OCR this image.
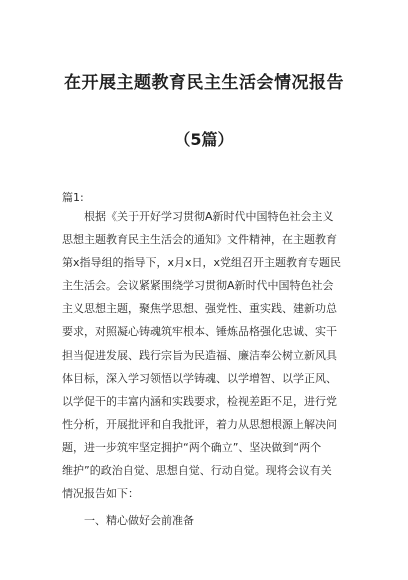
在开展主题教育民主生活会情况报告
（5篇）
篇1:
　　根据《关于开好学习贯彻A新时代中国特色社会主义
思想主题教育民主生活会的通知》文件精神，在主题教育
第x指导组的指导下，x月x日，x党组召开主题教育专题民
主生活会。会议紧紧围绕学习贯彻A新时代中国特色社会
主义思想主题，聚焦学思想、强党性、重实践、建新功总
要求，对照凝心铸魂筑牢根本、锤炼品格强化忠诚、实干
担当促进发展、践行宗旨为民造福、廉洁奉公树立新风具
体目标，深入学习领悟以学铸魂、以学增智、以学正风、
以学促干的丰富内涵和实践要求，检视差距不足，进行党
性分析，开展批评和自我批评，着力从思想根源上解决问
题，进一步筑牢坚定拥护“两个确立”、坚决做到“两个
维护”的政治自觉、思想自觉、行动自觉。现将会议有关
情况报告如下：
一、精心做好会前准备
